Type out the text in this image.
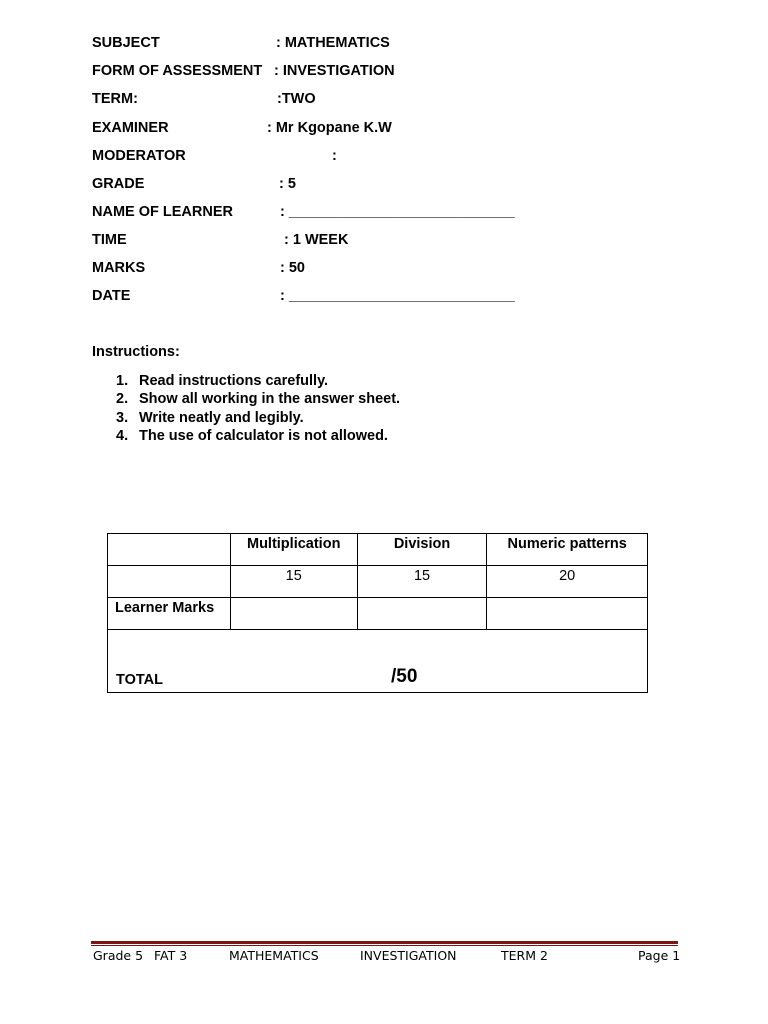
SUBJECT	: MATHEMATICS
FORM OF ASSESSMENT : INVESTIGATION
TERM:	:TWO
EXAMINER	: Mr Kgopane K.W
MODERATOR	:
GRADE	: 5
NAME OF LEARNER	: ____________________________
TIME	: 1 WEEK
MARKS	: 50
DATE	: ____________________________
Instructions:
1. Read instructions carefully.
2. Show all working in the answer sheet.
3. Write neatly and legibly.
4. The use of calculator is not allowed.
	Multiplication	Division	Numeric patterns
	15	15	20
Learner Marks			

TOTAL /50			
Grade 5 FAT 3	MATHEMATICS	INVESTIGATION	TERM 2	Page 1
